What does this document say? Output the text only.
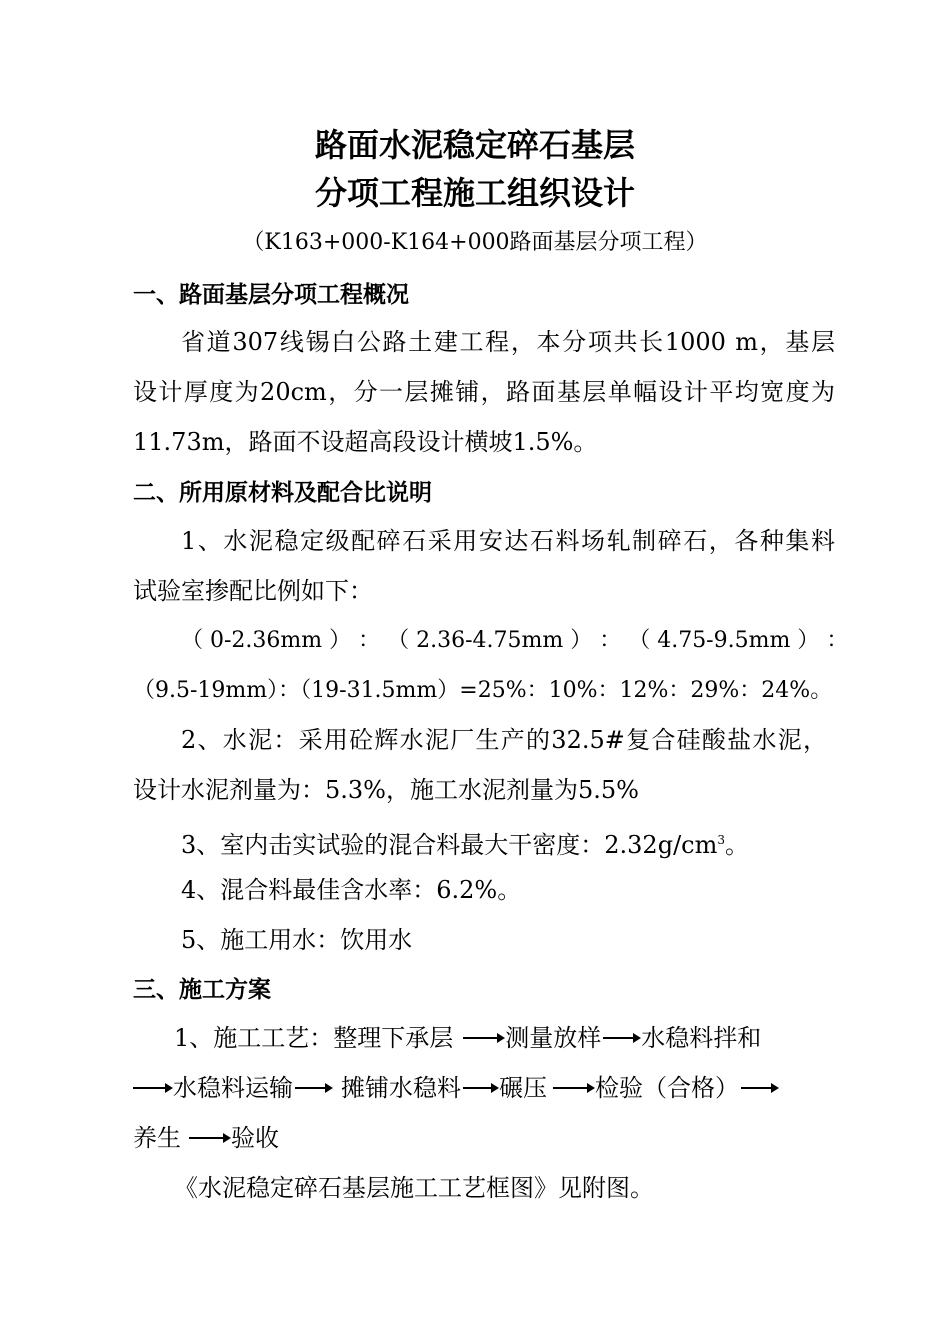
路面水泥稳定碎石基层
分项工程施工组织设计
（K163+000-K164+000路面基层分项工程）
一、路面基层分项工程概况
省道307线锡白公路土建工程，本分项共长1000 m，基层
设计厚度为20cm，分一层摊铺，路面基层单幅设计平均宽度为
11.73m，路面不设超高段设计横坡1.5%。
二、所用原材料及配合比说明
1、水泥稳定级配碎石采用安达石料场轧制碎石，各种集料
试验室掺配比例如下：
（ 0-2.36mm ） ： （ 2.36-4.75mm ） ： （ 4.75-9.5mm ） ：
（9.5-19mm）：（19-31.5mm）=25%：10%：12%：29%：24%。
2、水泥：采用砼辉水泥厂生产的32.5#复合硅酸盐水泥，
设计水泥剂量为：5.3%，施工水泥剂量为5.5%
3、室内击实试验的混合料最大干密度：$2.32g/cm^3$。
4、混合料最佳含水率：6.2%。
5、施工用水：饮用水
三、施工方案
1、施工工艺：整理下承层 测量放样 水稳料拌和
水稳料运输 摊铺水稳料 碾压 检验（合格）
养生 验收
《水泥稳定碎石基层施工工艺框图》见附图。
